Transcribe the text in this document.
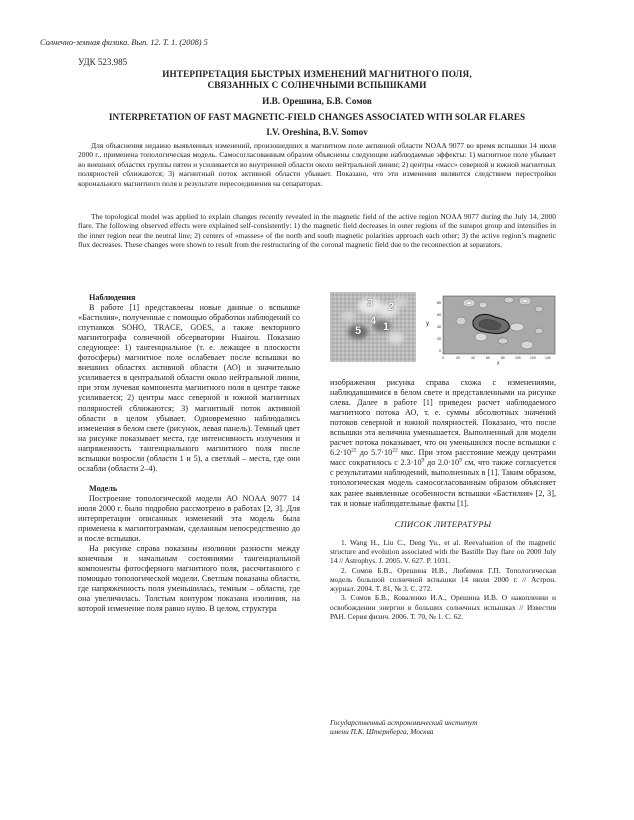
Солнечно-земная физика. Вып. 12. Т. 1. (2008) 5
УДК 523.985
ИНТЕРПРЕТАЦИЯ БЫСТРЫХ ИЗМЕНЕНИЙ МАГНИТНОГО ПОЛЯ,
СВЯЗАННЫХ С СОЛНЕЧНЫМИ ВСПЫШКАМИ
И.В. Орешина, Б.В. Сомов
INTERPRETATION OF FAST MAGNETIC-FIELD CHANGES ASSOCIATED WITH SOLAR FLARES
I.V. Oreshina, B.V. Somov

Для объяснения недавно выявленных изменений, произошедших в магнитном поле активной области NOAA 9077 во время вспышки 14 июля 2000 г., применена топологическая модель. Самосогласованным образом объяснены следующие наблюдаемые эффекты: 1) магнитное поле убывает во внешних областях группы пятен и усиливается во внутренней области около нейтральной линии; 2) центры «масс» северной и южной магнитных полярностей сближаются; 3) магнитный поток активной области убывает. Показано, что эти изменения являются следствием перестройки коронального магнитного поля в результате пересоединения на сепараторах.

The topological model was applied to explain changes recently revealed in the magnetic field of the active region NOAA 9077 during the July 14, 2000 flare. The following observed effects were explained self-consistently: 1) the magnetic field decreases in outer regions of the sunspot group and intensifies in the inner region near the neutral line; 2) centers of «masses» of the north and south magnetic polarities approach each other; 3) the active region’s magnetic flux decreases. These changes were shown to result from the restructuring of the coronal magnetic field due to the reconnection at separators.

Наблюдения

В работе [1] представлены новые данные о вспышке «Бастилия», полученные с помощью обработки наблюдений со спутников SOHO, TRACE, GOES, а также векторного магнитографа солнечной обсерватории Huairou. Показано следующее: 1) тангенциальное (т. е. лежащее в плоскости фотосферы) магнитное поле ослабевает после вспышки во внешних областях активной области (АО) и значительно усиливается в центральной области около нейтральной линии, при этом лучевая компонента магнитного поля в центре также усиливается; 2) центры масс северной и южной магнитных полярностей сближаются; 3) магнитный поток активной области в целом убывает. Одновременно наблюдались изменения в белом свете (рисунок, левая панель). Темный цвет на рисунке показывает места, где интенсивность излучения и напряженность тангенциального магнитного поля после вспышки возросли (области 1 и 5), а светлый – места, где они ослабли (области 2–4).

Модель

Построение топологической модели АО NOAA 9077 14 июля 2000 г. было подробно рассмотрено в работах [2, 3]. Для интерпретации описанных изменений эта модель была применена к магнитограммам, сделанным непосредственно до и после вспышки.

На рисунке справа показаны изолинии разности между конечным и начальным состояниями тангенциальной компоненты фотосферного магнитного поля, рассчитанного с помощью топологической модели. Светлым показаны области, где напряженность поля уменьшилась, темным – области, где она увеличилась. Толстым контуром показана изолиния, на которой изменение поля равно нулю. В целом, структура

3 2
4 1
5
y
80
60
40
20
0
0	20	40	60	80	100	120	140
x

изображения рисунка справа схожа с изменениями, наблюдавшимися в белом свете и представленными на рисунке слева. Далее в работе [1] приведен расчет наблюдаемого магнитного потока АО, т. е. суммы абсолютных значений потоков северной и южной полярностей. Показано, что после вспышки эта величина уменьшается. Выполненный для модели расчет потока показывает, что он уменьшился после вспышки с $6.2\cdot 10^{22}$ до $5.7\cdot 10^{22}$ мкс. При этом расстояние между центрами масс сократилось с $2.3\cdot 10^9$ до $2.0\cdot 10^9$ см, что также согласуется с результатами наблюдений, выполненных в [1]. Таким образом, топологическая модель самосогласованным образом объясняет как ранее выявленные особенности вспышки «Бастилия» [2, 3], так и новые наблюдательные факты [1].

СПИСОК ЛИТЕРАТУРЫ

1. Wang H., Liu C., Deng Yu., et al. Reevaluation of the magnetic structure and evolution associated with the Bastille Day flare on 2000 July 14 // Astrophys. J. 2005. V. 627. P. 1031.

2. Сомов Б.В., Орешина И.В., Любимов Г.П. Топологическая модель большой солнечной вспышки 14 июля 2000 г. // Астрон. журнал. 2004. Т. 81, № 3. С. 272.

3. Сомов Б.В., Коваленко И.А., Орешина И.В. О накоплении и освобождении энергии в больших солнечных вспышках // Известия РАН. Серия физич. 2006. Т. 70, № 1. С. 62.

Государственный астрономический институт
имени П.К. Штернберга, Москва
